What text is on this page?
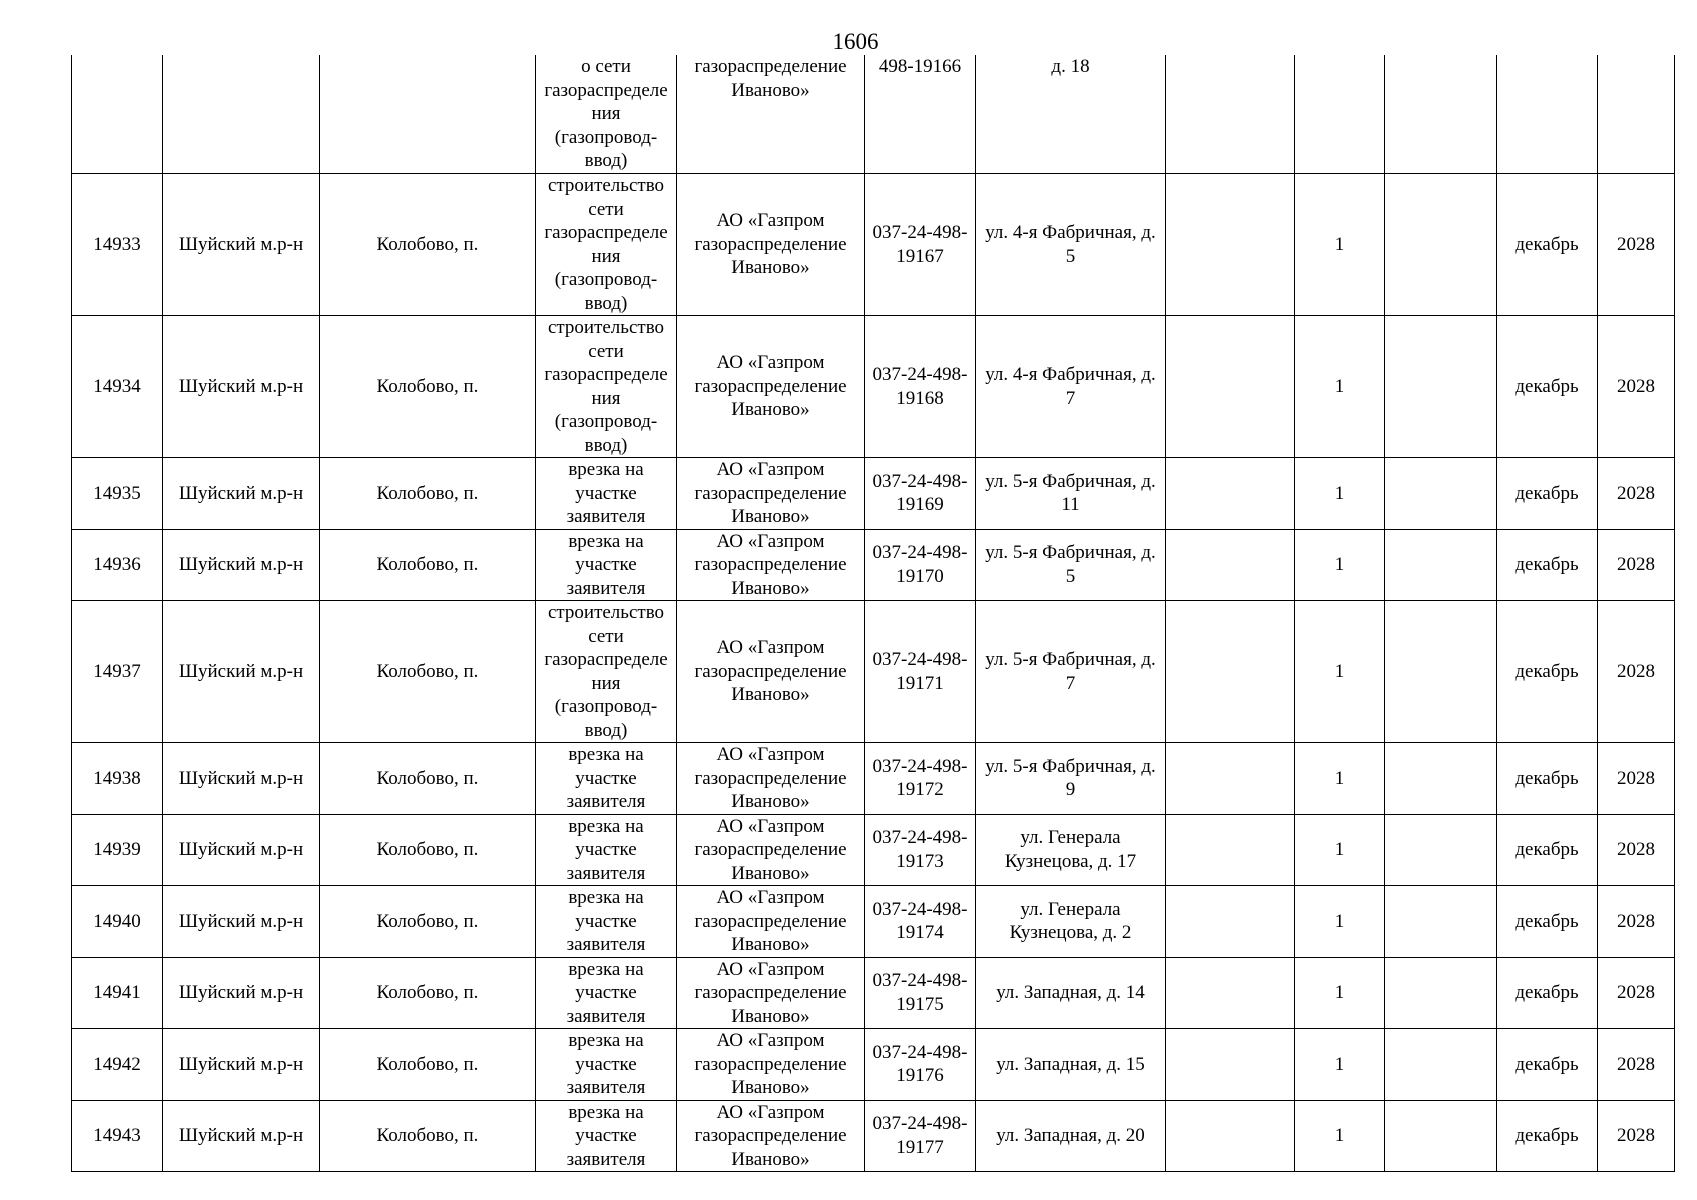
1606
			о сети газораспределения (газопровод-ввод)	газораспределение Иваново»	498-19166	д. 18					
14933	Шуйский м.р-н	Колобово, п.	строительство сети газораспределения (газопровод-ввод)	АО «Газпром газораспределение Иваново»	037-24-498-19167	ул. 4-я Фабричная, д. 5		1		декабрь	2028
14934	Шуйский м.р-н	Колобово, п.	строительство сети газораспределения (газопровод-ввод)	АО «Газпром газораспределение Иваново»	037-24-498-19168	ул. 4-я Фабричная, д. 7		1		декабрь	2028
14935	Шуйский м.р-н	Колобово, п.	врезка на участке заявителя	АО «Газпром газораспределение Иваново»	037-24-498-19169	ул. 5-я Фабричная, д. 11		1		декабрь	2028
14936	Шуйский м.р-н	Колобово, п.	врезка на участке заявителя	АО «Газпром газораспределение Иваново»	037-24-498-19170	ул. 5-я Фабричная, д. 5		1		декабрь	2028
14937	Шуйский м.р-н	Колобово, п.	строительство сети газораспределения (газопровод-ввод)	АО «Газпром газораспределение Иваново»	037-24-498-19171	ул. 5-я Фабричная, д. 7		1		декабрь	2028
14938	Шуйский м.р-н	Колобово, п.	врезка на участке заявителя	АО «Газпром газораспределение Иваново»	037-24-498-19172	ул. 5-я Фабричная, д. 9		1		декабрь	2028
14939	Шуйский м.р-н	Колобово, п.	врезка на участке заявителя	АО «Газпром газораспределение Иваново»	037-24-498-19173	ул. Генерала Кузнецова, д. 17		1		декабрь	2028
14940	Шуйский м.р-н	Колобово, п.	врезка на участке заявителя	АО «Газпром газораспределение Иваново»	037-24-498-19174	ул. Генерала Кузнецова, д. 2		1		декабрь	2028
14941	Шуйский м.р-н	Колобово, п.	врезка на участке заявителя	АО «Газпром газораспределение Иваново»	037-24-498-19175	ул. Западная, д. 14		1		декабрь	2028
14942	Шуйский м.р-н	Колобово, п.	врезка на участке заявителя	АО «Газпром газораспределение Иваново»	037-24-498-19176	ул. Западная, д. 15		1		декабрь	2028
14943	Шуйский м.р-н	Колобово, п.	врезка на участке заявителя	АО «Газпром газораспределение Иваново»	037-24-498-19177	ул. Западная, д. 20		1		декабрь	2028
